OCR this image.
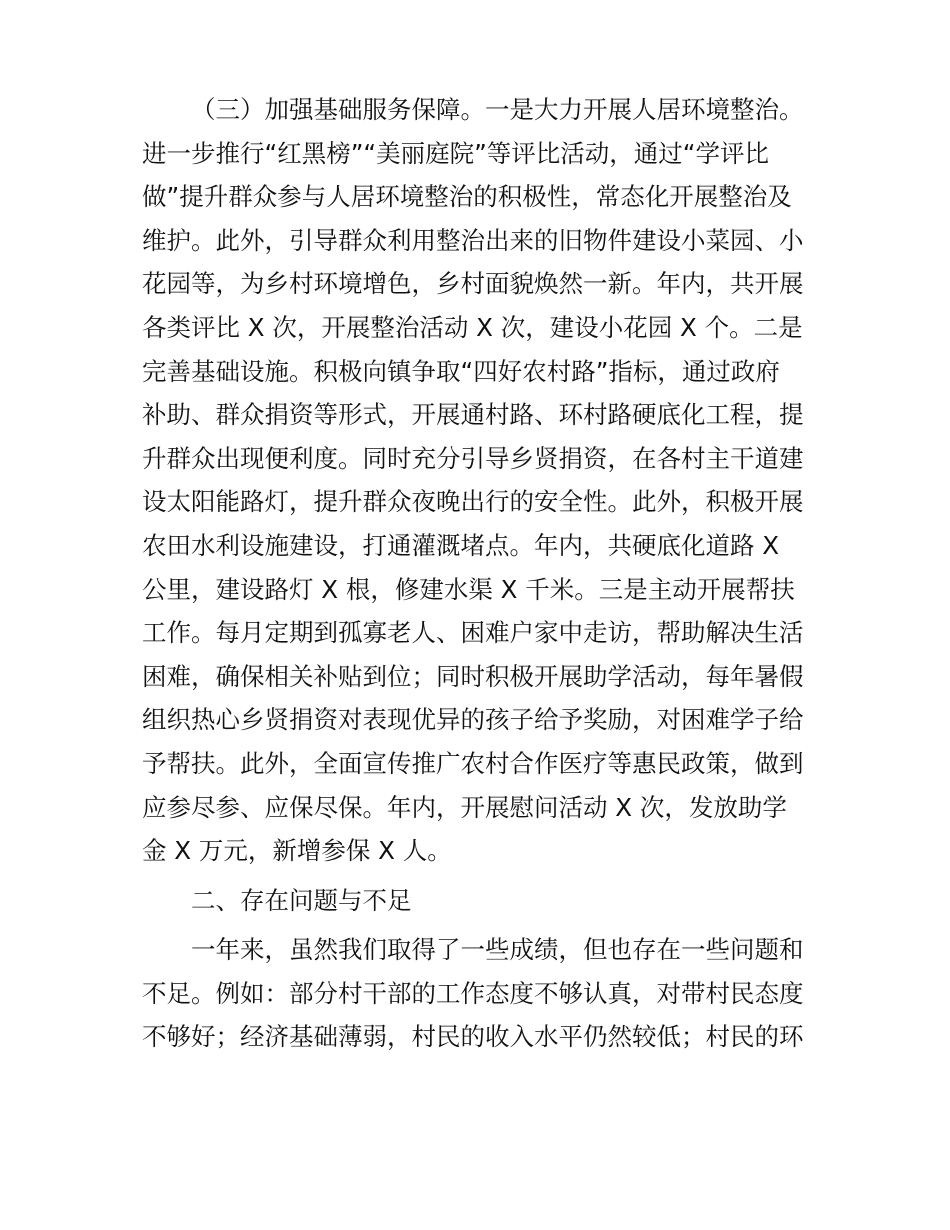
（三）加强基础服务保障。一是大力开展人居环境整治。
进一步推行“红黑榜”“美丽庭院”等评比活动，通过“学评比
做”提升群众参与人居环境整治的积极性，常态化开展整治及
维护。此外，引导群众利用整治出来的旧物件建设小菜园、小
花园等，为乡村环境增色，乡村面貌焕然一新。年内，共开展
各类评比 X 次，开展整治活动 X 次，建设小花园 X 个。二是
完善基础设施。积极向镇争取“四好农村路”指标，通过政府
补助、群众捐资等形式，开展通村路、环村路硬底化工程，提
升群众出现便利度。同时充分引导乡贤捐资，在各村主干道建
设太阳能路灯，提升群众夜晚出行的安全性。此外，积极开展
农田水利设施建设，打通灌溉堵点。年内，共硬底化道路 X
公里，建设路灯 X 根，修建水渠 X 千米。三是主动开展帮扶
工作。每月定期到孤寡老人、困难户家中走访，帮助解决生活
困难，确保相关补贴到位；同时积极开展助学活动，每年暑假
组织热心乡贤捐资对表现优异的孩子给予奖励，对困难学子给
予帮扶。此外，全面宣传推广农村合作医疗等惠民政策，做到
应参尽参、应保尽保。年内，开展慰问活动 X 次，发放助学
金 X 万元，新增参保 X 人。
二、存在问题与不足
一年来，虽然我们取得了一些成绩，但也存在一些问题和
不足。例如：部分村干部的工作态度不够认真，对带村民态度
不够好；经济基础薄弱，村民的收入水平仍然较低；村民的环
